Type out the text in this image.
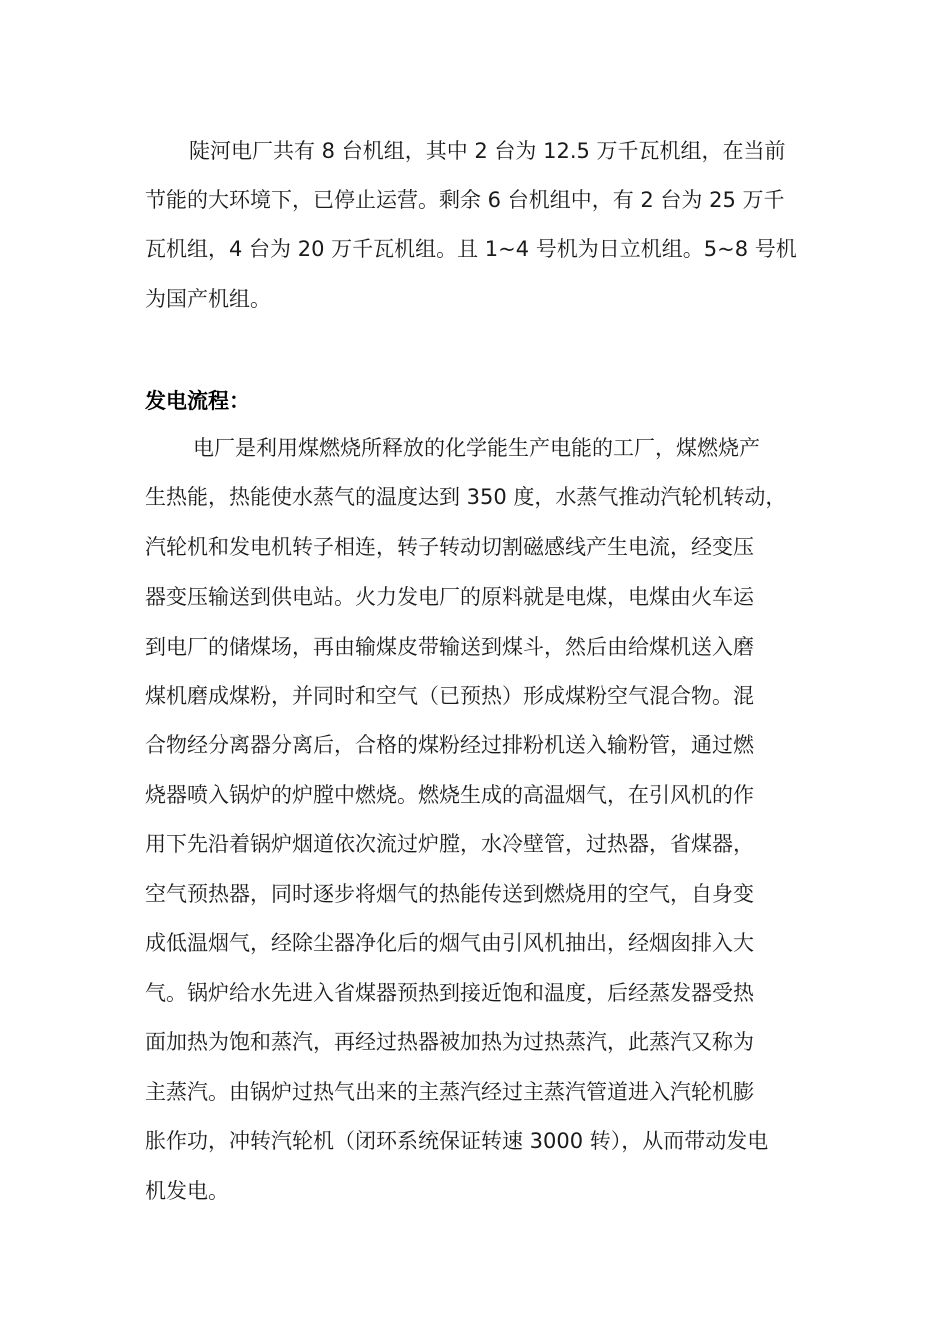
陡河电厂共有 8 台机组，其中 2 台为 12.5 万千瓦机组，在当前
节能的大环境下，已停止运营。剩余 6 台机组中，有 2 台为 25 万千
瓦机组，4 台为 20 万千瓦机组。且 1~4 号机为日立机组。5~8 号机
为国产机组。
发电流程：
电厂是利用煤燃烧所释放的化学能生产电能的工厂，煤燃烧产
生热能，热能使水蒸气的温度达到 350 度，水蒸气推动汽轮机转动，
汽轮机和发电机转子相连，转子转动切割磁感线产生电流，经变压
器变压输送到供电站。火力发电厂的原料就是电煤，电煤由火车运
到电厂的储煤场，再由输煤皮带输送到煤斗，然后由给煤机送入磨
煤机磨成煤粉，并同时和空气（已预热）形成煤粉空气混合物。混
合物经分离器分离后，合格的煤粉经过排粉机送入输粉管，通过燃
烧器喷入锅炉的炉膛中燃烧。燃烧生成的高温烟气，在引风机的作
用下先沿着锅炉烟道依次流过炉膛，水冷壁管，过热器，省煤器，
空气预热器，同时逐步将烟气的热能传送到燃烧用的空气，自身变
成低温烟气，经除尘器净化后的烟气由引风机抽出，经烟囱排入大
气。锅炉给水先进入省煤器预热到接近饱和温度，后经蒸发器受热
面加热为饱和蒸汽，再经过热器被加热为过热蒸汽，此蒸汽又称为
主蒸汽。由锅炉过热气出来的主蒸汽经过主蒸汽管道进入汽轮机膨
胀作功，冲转汽轮机（闭环系统保证转速 3000 转），从而带动发电
机发电。
